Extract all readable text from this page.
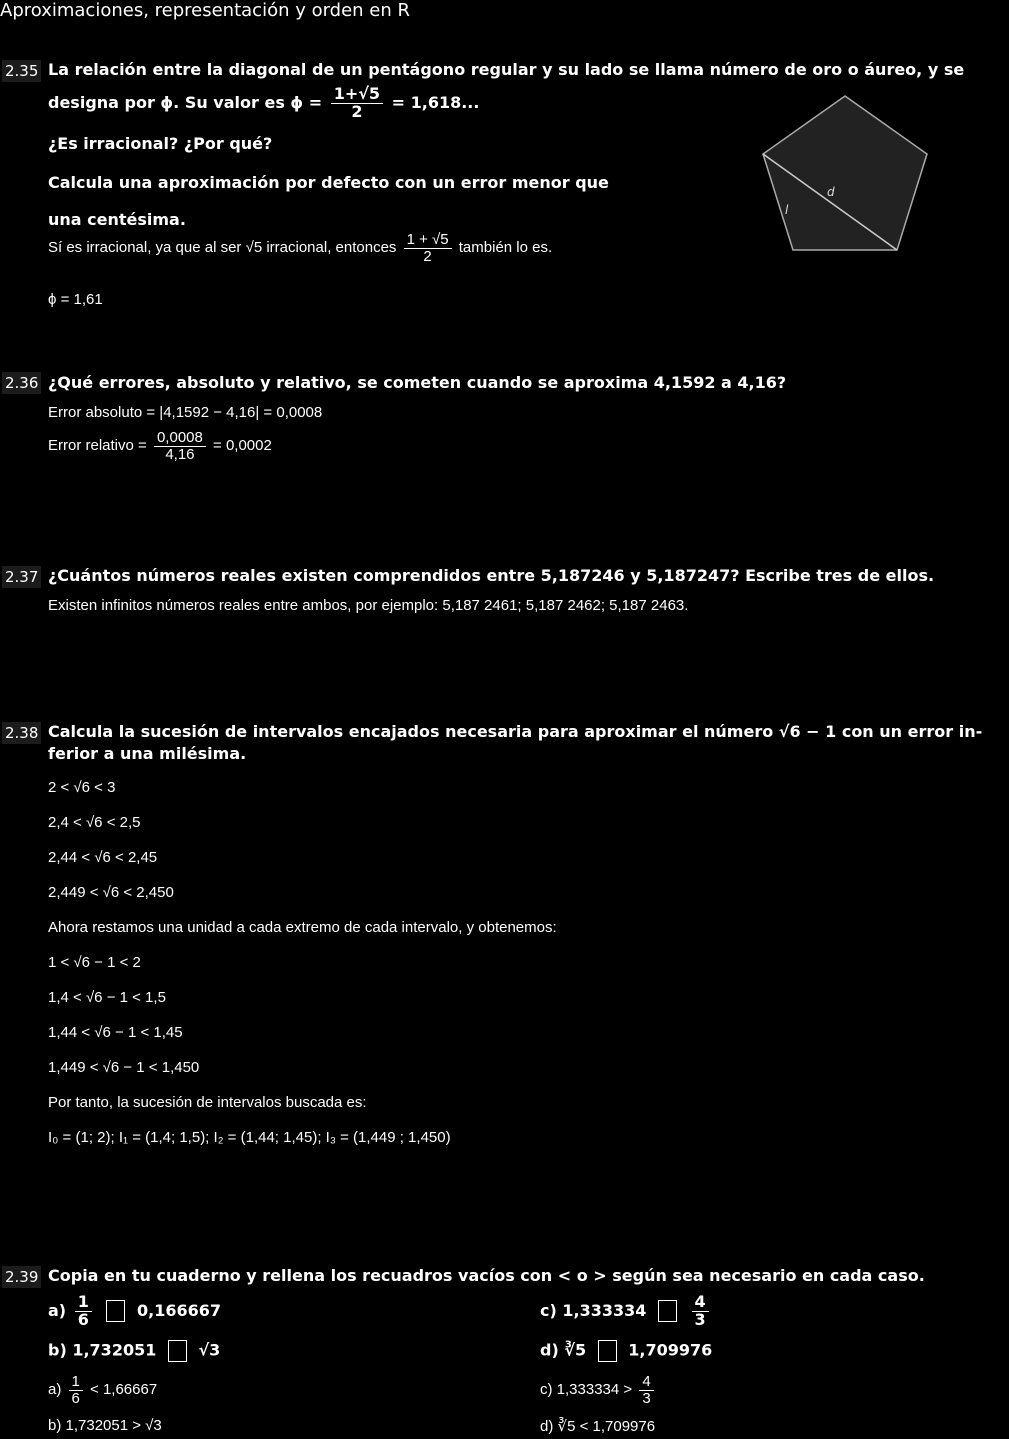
Aproximaciones, representación y orden en R
2.35 La relación entre la diagonal de un pentágono regular y su lado se llama número de oro o áureo, y se
designa por ϕ. Su valor es $\phi = \frac{1+√5}{2} = 1,618$...
¿Es irracional? ¿Por qué?
Calcula una aproximación por defecto con un error menor que
una centésima.
Sí es irracional, ya que al ser √5 irracional, entonces $\frac{1 + √5}{2}$ también lo es.
ϕ = 1,61
d
l
2.36 ¿Qué errores, absoluto y relativo, se cometen cuando se aproxima 4,1592 a 4,16?
Error absoluto = |4,1592 − 4,16| = 0,0008
Error relativo = $\frac{0,0008}{4,16} = 0,0002$
2.37 ¿Cuántos números reales existen comprendidos entre 5,187246 y 5,187247? Escribe tres de ellos.
Existen infinitos números reales entre ambos, por ejemplo: 5,187 2461; 5,187 2462; 5,187 2463.
2.38 Calcula la sucesión de intervalos encajados necesaria para aproximar el número √6 − 1 con un error in-
ferior a una milésima.
2 < √6 < 3
2,4 < √6 < 2,5
2,44 < √6 < 2,45
2,449 < √6 < 2,450
Ahora restamos una unidad a cada extremo de cada intervalo, y obtenemos:
1 < √6 − 1 < 2
1,4 < √6 − 1 < 1,5
1,44 < √6 − 1 < 1,45
1,449 < √6 − 1 < 1,450
Por tanto, la sucesión de intervalos buscada es:
I₀ = (1; 2); I₁ = (1,4; 1,5); I₂ = (1,44; 1,45); I₃ = (1,449 ; 1,450)
2.39 Copia en tu cuaderno y rellena los recuadros vacíos con < o > según sea necesario en cada caso.
$a) \frac{1}{6}$	0,166667	c) 1,333334	$\frac{4}{3}$
b) 1,732051	√3	d) ∛5	1,709976
$a) \frac{1}{6} < 1,66667$	c) $1,333334 > \frac{4}{3}$
b) 1,732051 > √3	d) ∛5 < 1,709976
